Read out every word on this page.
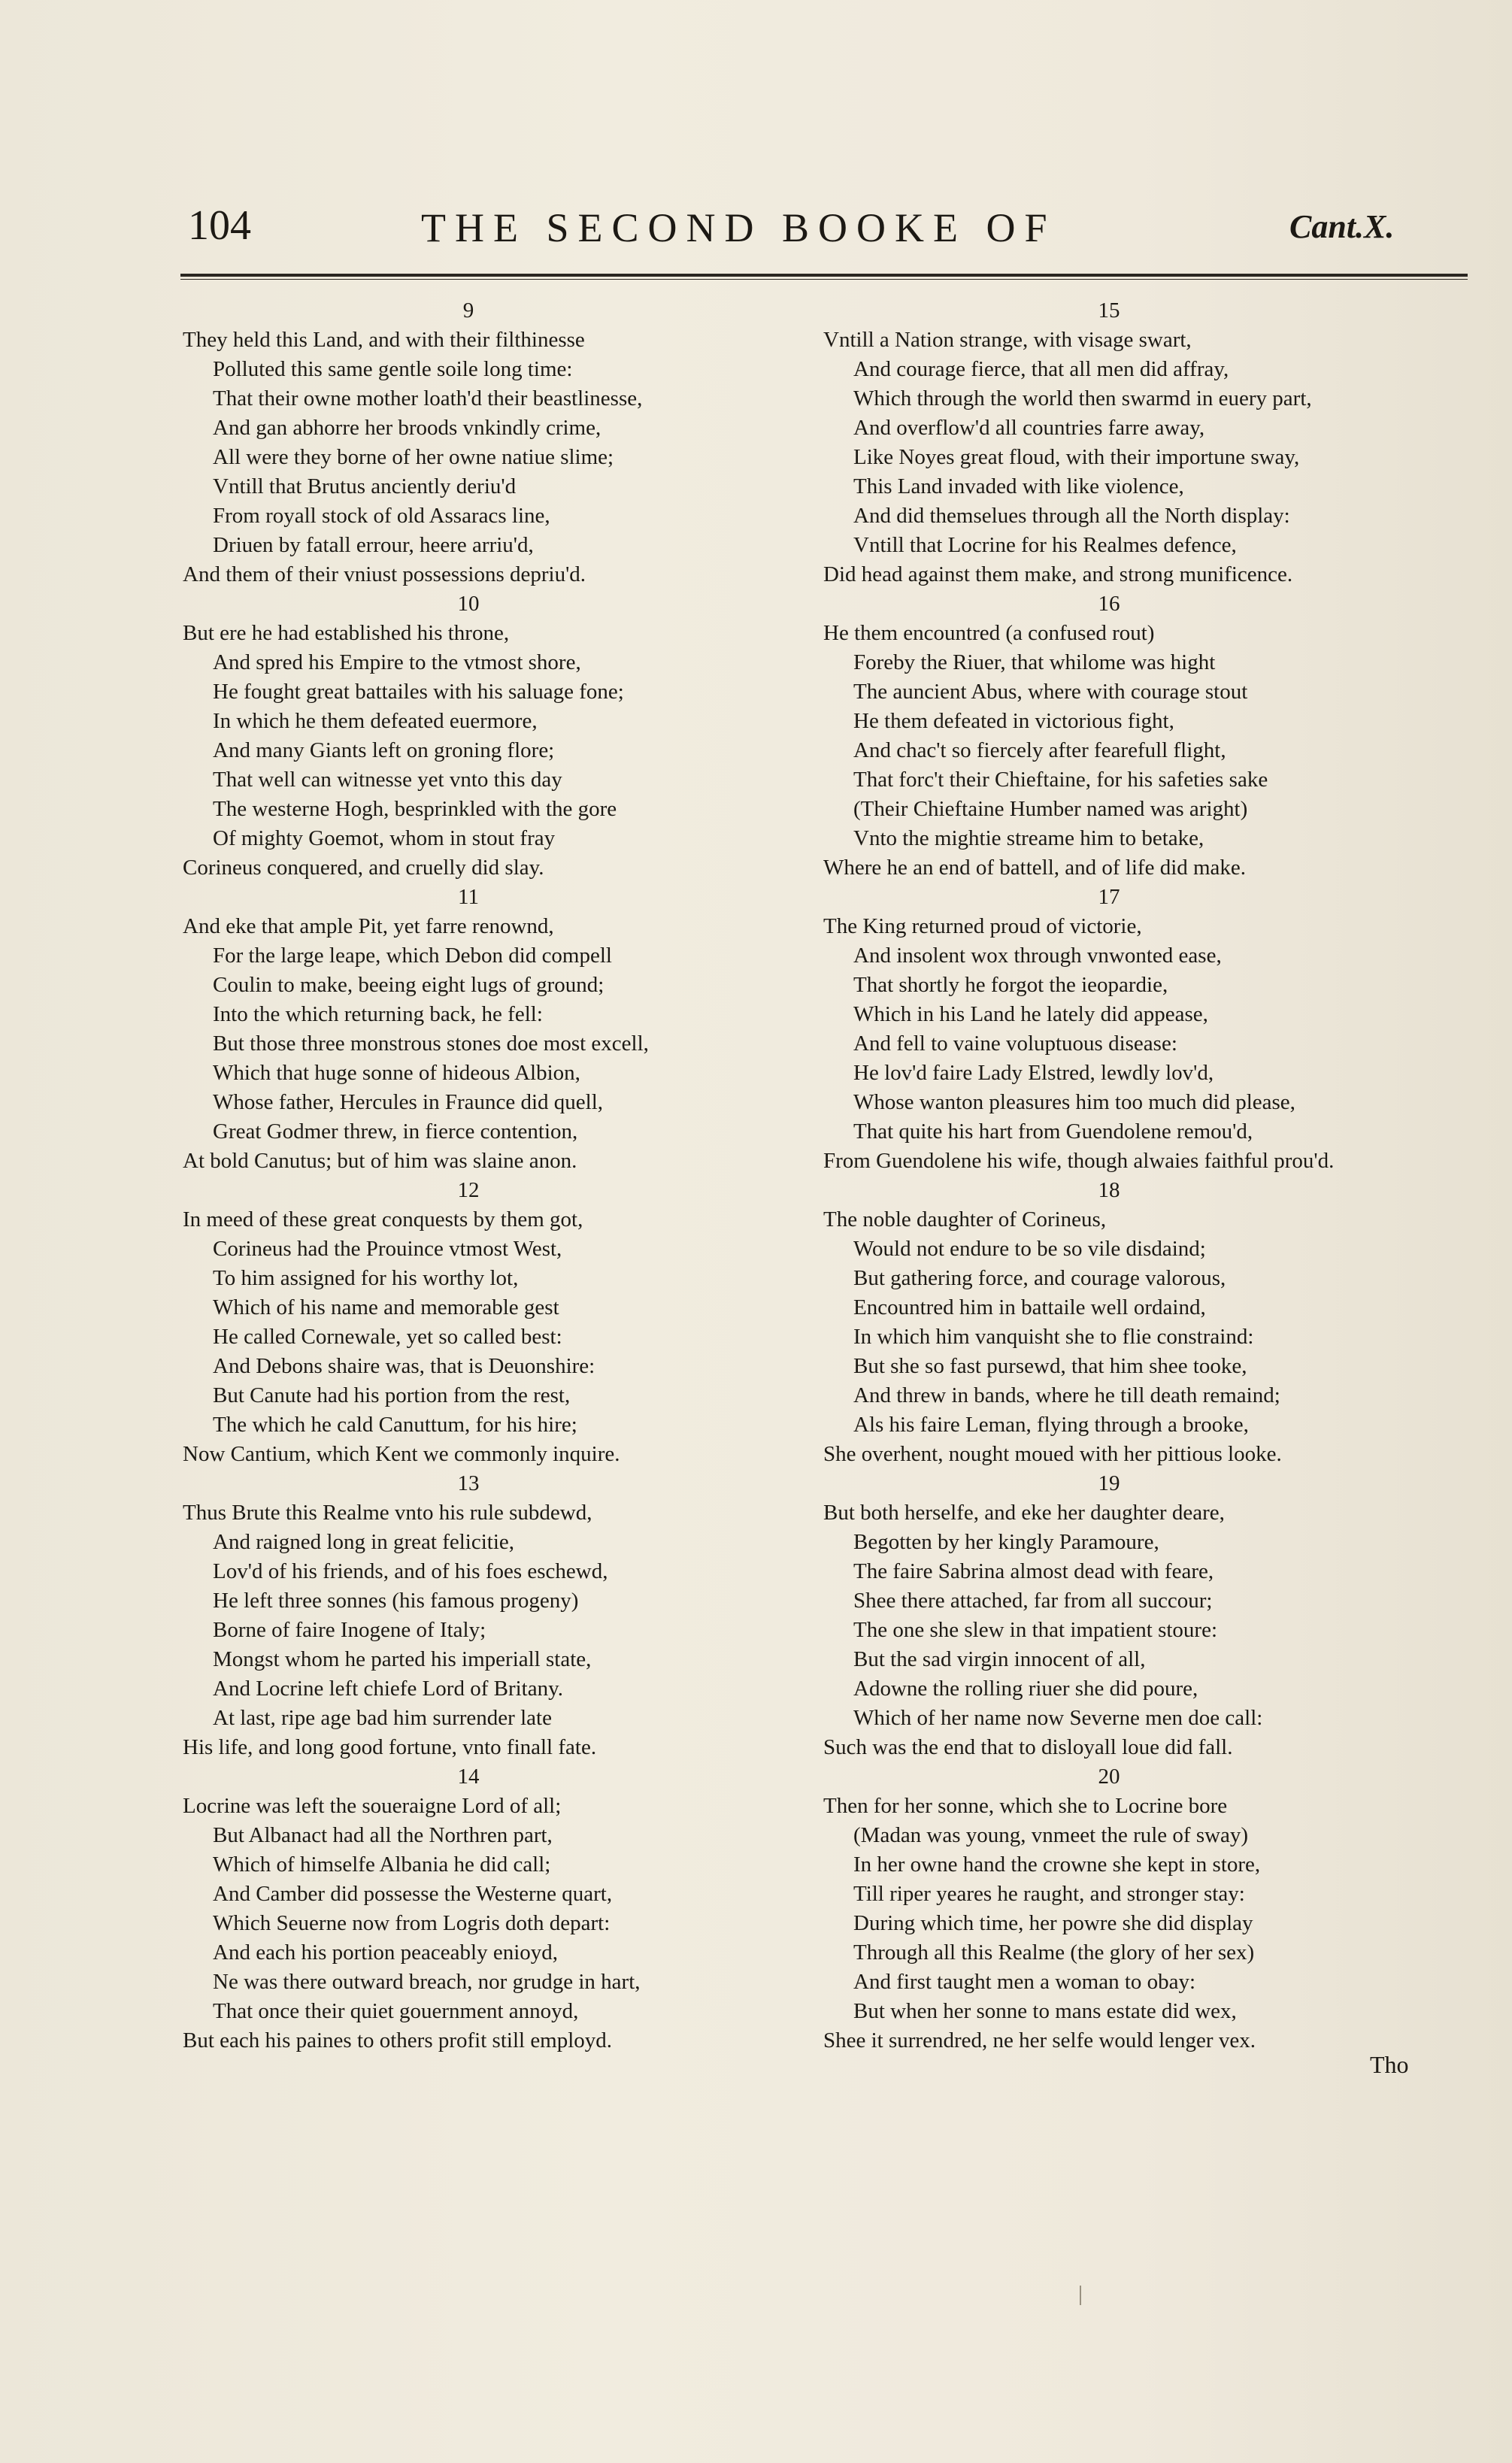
104	THE SECOND BOOKE OF	Cant.X.
9
They held this Land, and with their filthinesse
Polluted this same gentle soile long time:
That their owne mother loath'd their beastlinesse,
And gan abhorre her broods vnkindly crime,
All were they borne of her owne natiue slime;
Vntill that Brutus anciently deriu'd
From royall stock of old Assaracs line,
Driuen by fatall errour, heere arriu'd,
And them of their vniust possessions depriu'd.
10
But ere he had established his throne,
And spred his Empire to the vtmost shore,
He fought great battailes with his saluage fone;
In which he them defeated euermore,
And many Giants left on groning flore;
That well can witnesse yet vnto this day
The westerne Hogh, besprinkled with the gore
Of mighty Goemot, whom in stout fray
Corineus conquered, and cruelly did slay.
11
And eke that ample Pit, yet farre renownd,
For the large leape, which Debon did compell
Coulin to make, beeing eight lugs of ground;
Into the which returning back, he fell:
But those three monstrous stones doe most excell,
Which that huge sonne of hideous Albion,
Whose father, Hercules in Fraunce did quell,
Great Godmer threw, in fierce contention,
At bold Canutus; but of him was slaine anon.
12
In meed of these great conquests by them got,
Corineus had the Prouince vtmost West,
To him assigned for his worthy lot,
Which of his name and memorable gest
He called Cornewale, yet so called best:
And Debons shaire was, that is Deuonshire:
But Canute had his portion from the rest,
The which he cald Canuttum, for his hire;
Now Cantium, which Kent we commonly inquire.
13
Thus Brute this Realme vnto his rule subdewd,
And raigned long in great felicitie,
Lov'd of his friends, and of his foes eschewd,
He left three sonnes (his famous progeny)
Borne of faire Inogene of Italy;
Mongst whom he parted his imperiall state,
And Locrine left chiefe Lord of Britany.
At last, ripe age bad him surrender late
His life, and long good fortune, vnto finall fate.
14
Locrine was left the soueraigne Lord of all;
But Albanact had all the Northren part,
Which of himselfe Albania he did call;
And Camber did possesse the Westerne quart,
Which Seuerne now from Logris doth depart:
And each his portion peaceably enioyd,
Ne was there outward breach, nor grudge in hart,
That once their quiet gouernment annoyd,
But each his paines to others profit still employd.
15
Vntill a Nation strange, with visage swart,
And courage fierce, that all men did affray,
Which through the world then swarmd in euery part,
And overflow'd all countries farre away,
Like Noyes great floud, with their importune sway,
This Land invaded with like violence,
And did themselues through all the North display:
Vntill that Locrine for his Realmes defence,
Did head against them make, and strong munificence.
16
He them encountred (a confused rout)
Foreby the Riuer, that whilome was hight
The auncient Abus, where with courage stout
He them defeated in victorious fight,
And chac't so fiercely after fearefull flight,
That forc't their Chieftaine, for his safeties sake
(Their Chieftaine Humber named was aright)
Vnto the mightie streame him to betake,
Where he an end of battell, and of life did make.
17
The King returned proud of victorie,
And insolent wox through vnwonted ease,
That shortly he forgot the ieopardie,
Which in his Land he lately did appease,
And fell to vaine voluptuous disease:
He lov'd faire Lady Elstred, lewdly lov'd,
Whose wanton pleasures him too much did please,
That quite his hart from Guendolene remou'd,
From Guendolene his wife, though alwaies faithful prou'd.
18
The noble daughter of Corineus,
Would not endure to be so vile disdaind;
But gathering force, and courage valorous,
Encountred him in battaile well ordaind,
In which him vanquisht she to flie constraind:
But she so fast pursewd, that him shee tooke,
And threw in bands, where he till death remaind;
Als his faire Leman, flying through a brooke,
She overhent, nought moued with her pittious looke.
19
But both herselfe, and eke her daughter deare,
Begotten by her kingly Paramoure,
The faire Sabrina almost dead with feare,
Shee there attached, far from all succour;
The one she slew in that impatient stoure:
But the sad virgin innocent of all,
Adowne the rolling riuer she did poure,
Which of her name now Severne men doe call:
Such was the end that to disloyall loue did fall.
20
Then for her sonne, which she to Locrine bore
(Madan was young, vnmeet the rule of sway)
In her owne hand the crowne she kept in store,
Till riper yeares he raught, and stronger stay:
During which time, her powre she did display
Through all this Realme (the glory of her sex)
And first taught men a woman to obay:
But when her sonne to mans estate did wex,
Shee it surrendred, ne her selfe would lenger vex.
Tho
